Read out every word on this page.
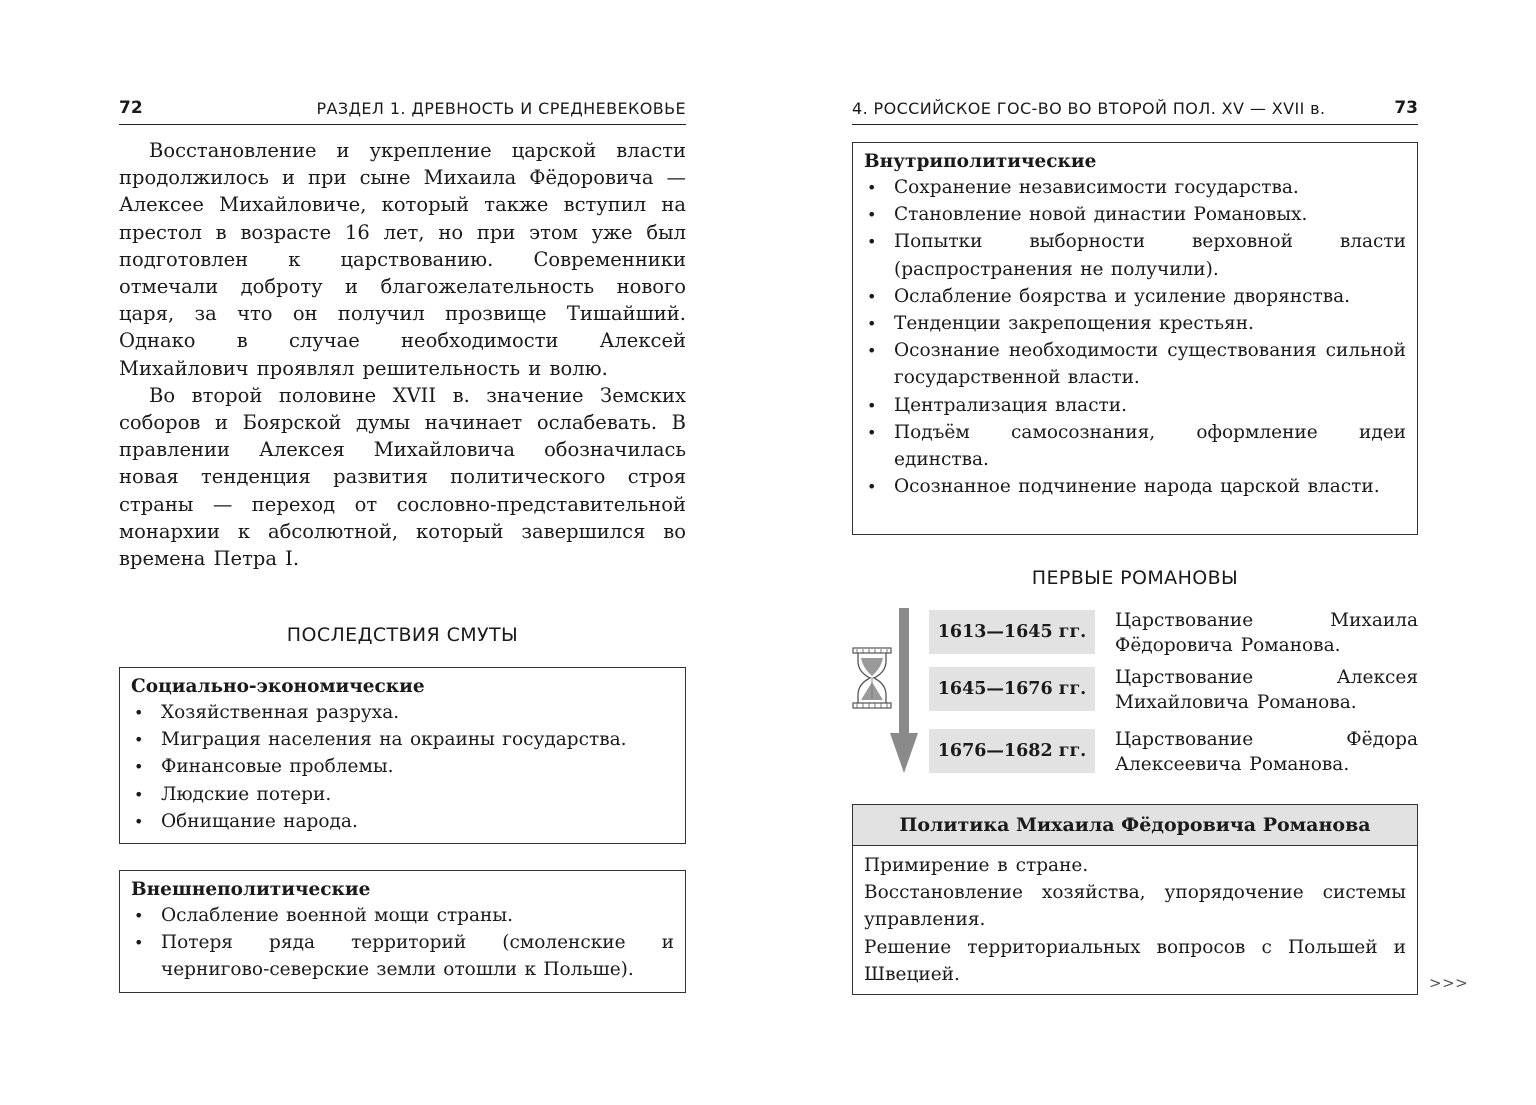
72	РАЗДЕЛ 1. ДРЕВНОСТЬ И СРЕДНЕВЕКОВЬЕ

Восстановление и укрепление царской власти продолжилось и при сыне Михаила Фёдоровича — Алексее Михайловиче, который также вступил на престол в возрасте 16 лет, но при этом уже был подготовлен к царствованию. Современники отмечали доброту и благожелательность нового царя, за что он получил прозвище Тишайший. Однако в случае необходимости Алексей Михайлович проявлял решительность и волю.

Во второй половине XVII в. значение Земских соборов и Боярской думы начинает ослабевать. В правлении Алексея Михайловича обозначилась новая тенденция развития политического строя страны — переход от сословно-представительной монархии к абсолютной, который завершился во времена Петра I.

ПОСЛЕДСТВИЯ СМУТЫ
Социально-экономические
• Хозяйственная разруха.
• Миграция населения на окраины государства.
• Финансовые проблемы.
• Людские потери.
• Обнищание народа.
Внешнеполитические
• Ослабление военной мощи страны.
• Потеря ряда территорий (смоленские и чернигово-северские земли отошли к Польше).
4. РОССИЙСКОЕ ГОС-ВО ВО ВТОРОЙ ПОЛ. XV — XVII в.	73
Внутриполитические
• Сохранение независимости государства.
• Становление новой династии Романовых.
• Попытки выборности верховной власти (распространения не получили).
• Ослабление боярства и усиление дворянства.
• Тенденции закрепощения крестьян.
• Осознание необходимости существования сильной государственной власти.
• Централизация власти.
• Подъём самосознания, оформление идеи единства.
• Осознанное подчинение народа царской власти.
ПЕРВЫЕ РОМАНОВЫ
1613—1645 гг.
Царствование Михаила Фёдоровича Романова.
1645—1676 гг.
Царствование Алексея Михайловича Романова.
1676—1682 гг.
Царствование Фёдора Алексеевича Романова.
Политика Михаила Фёдоровича Романова

Примирение в стране.

Восстановление хозяйства, упорядочение системы управления.

Решение территориальных вопросов с Польшей и Швецией.	>>>
